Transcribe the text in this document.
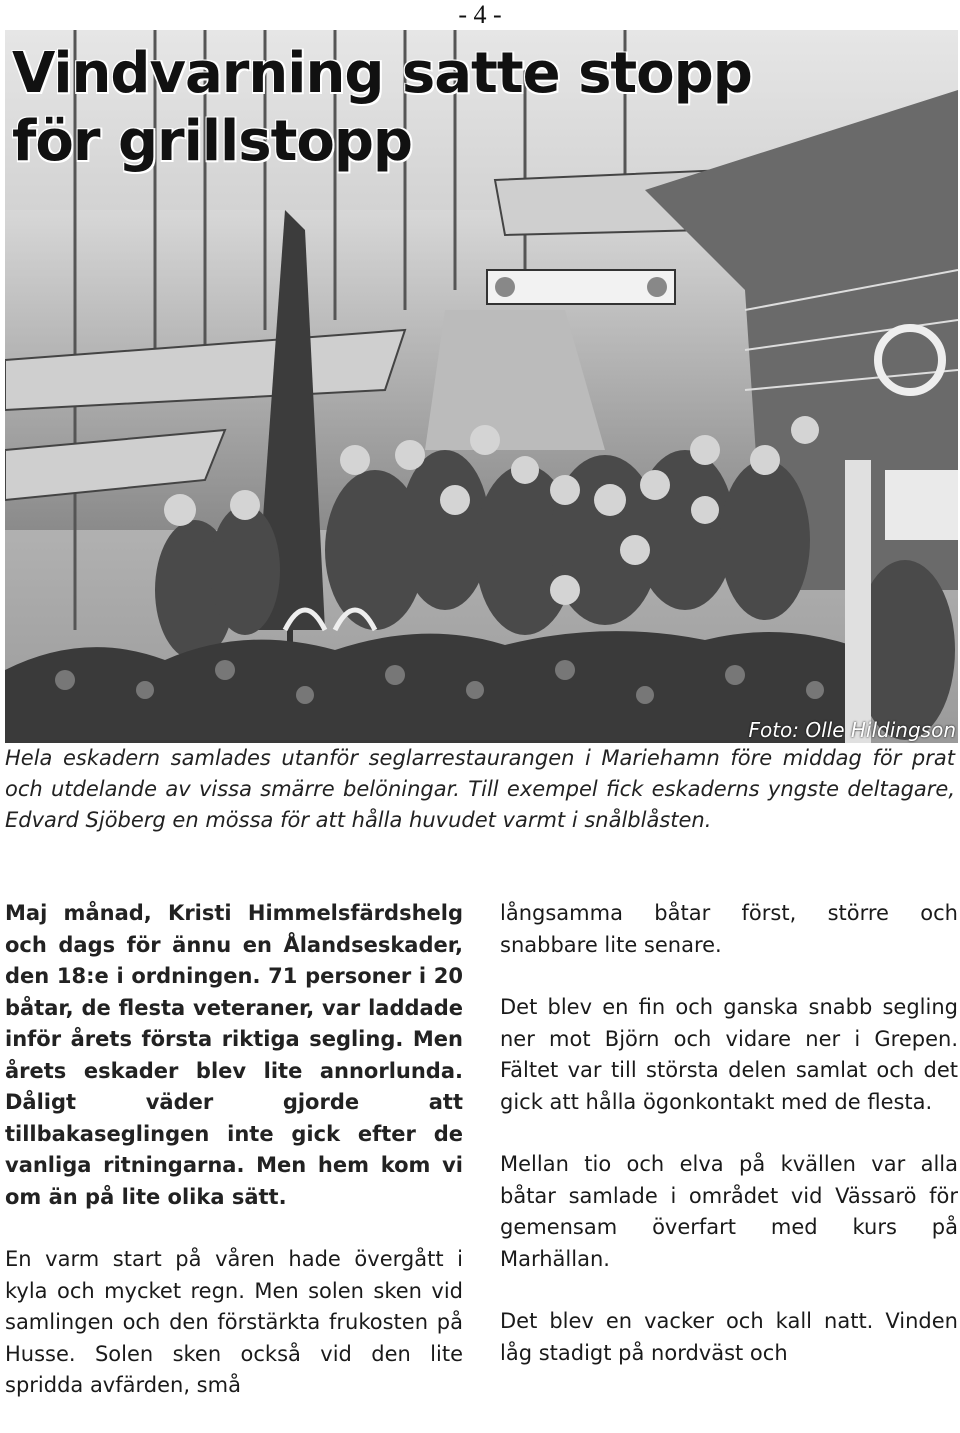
- 4 -
Vindvarning satte stopp
för grillstopp
Foto: Olle Hildingson

Hela eskadern samlades utanför seglarrestaurangen i Mariehamn före middag för prat och utdelande av vissa smärre belöningar. Till exempel fick eskaderns yngste deltagare, Edvard Sjöberg en mössa för att hålla huvudet varmt i snålblåsten.

Maj månad, Kristi Himmelsfärdshelg och dags för ännu en Ålandseskader, den 18:e i ordningen. 71 personer i 20 båtar, de flesta veteraner, var laddade inför årets första riktiga segling. Men årets eskader blev lite annorlunda. Dåligt väder gjorde att tillbakaseglingen inte gick efter de vanliga ritningarna. Men hem kom vi om än på lite olika sätt.

En varm start på våren hade övergått i kyla och mycket regn. Men solen sken vid samlingen och den förstärkta frukosten på Husse. Solen sken också vid den lite spridda avfärden, små

långsamma båtar först, större och snabbare lite senare.

Det blev en fin och ganska snabb segling ner mot Björn och vidare ner i Grepen. Fältet var till största delen samlat och det gick att hålla ögonkontakt med de flesta.

Mellan tio och elva på kvällen var alla båtar samlade i området vid Vässarö för gemensam överfart med kurs på Marhällan.

Det blev en vacker och kall natt. Vinden låg stadigt på nordväst och
